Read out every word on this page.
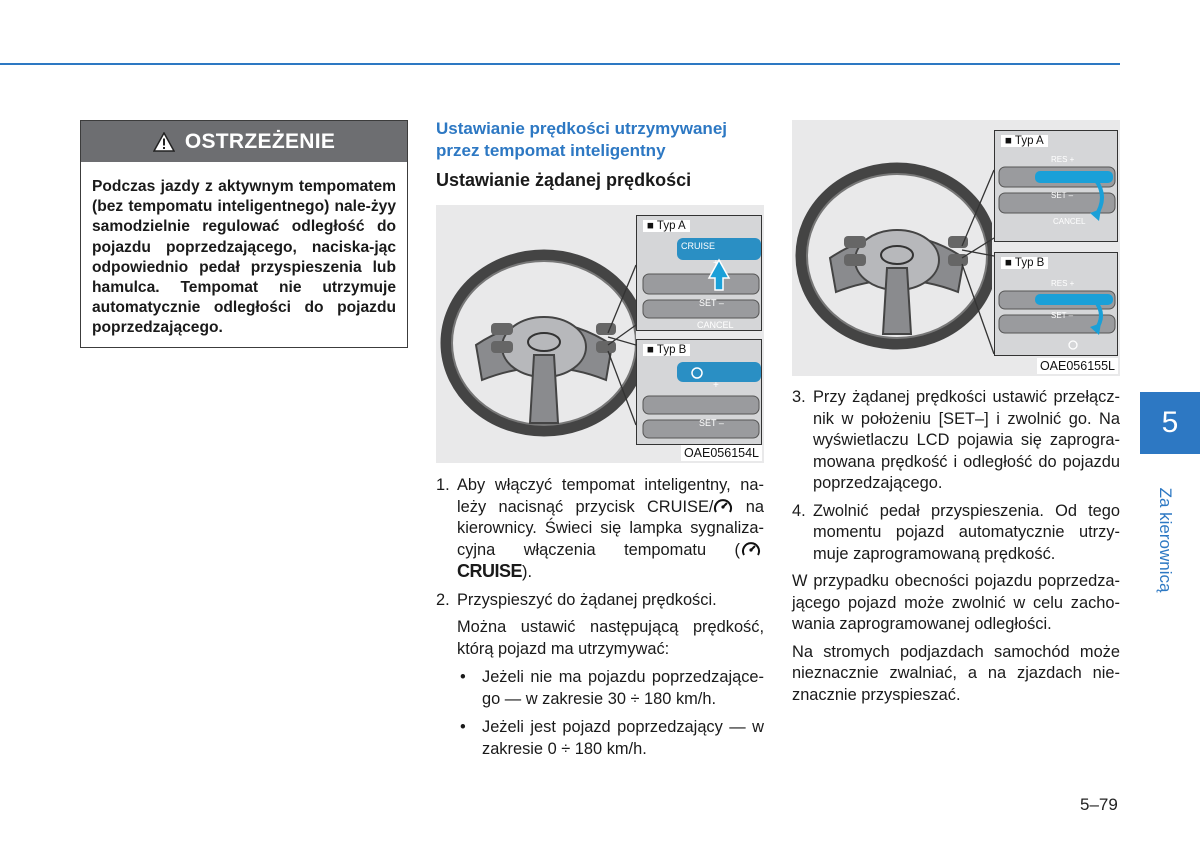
OSTRZEŻENIE
Podczas jazdy z aktywnym tempomatem (bez tempomatu inteligentnego) nale-żyy samodzielnie regulować odległość do pojazdu poprzedzającego, naciska-jąc odpowiednio pedał przyspieszenia lub hamulca. Tempomat nie utrzymuje automatycznie odległości do pojazdu poprzedzającego.
Ustawianie prędkości utrzymywanej przez tempomat inteligentny
Ustawianie żądanej prędkości
■ Typ A
CRUISE
+
SET –
CANCEL
■ Typ B
+
SET –
OAE056154L
■ Typ A
RES +
SET –
CANCEL
■ Typ B
RES +
SET –
OAE056155L
1. Aby włączyć tempomat inteligentny, na-leży nacisnąć przycisk CRUISE/ na kierownicy. Świeci się lampka sygnaliza-cyjna włączenia tempomatu (CRUISE).
2. Przyspieszyć do żądanej prędkości.
Można ustawić następującą prędkość, którą pojazd ma utrzymywać:
• Jeżeli nie ma pojazdu poprzedzające-go — w zakresie 30 ÷ 180 km/h.
• Jeżeli jest pojazd poprzedzający — w zakresie 0 ÷ 180 km/h.
3. Przy żądanej prędkości ustawić przełącz-nik w położeniu [SET–] i zwolnić go. Na wyświetlaczu LCD pojawia się zaprogra-mowana prędkość i odległość do pojazdu poprzedzającego.
4. Zwolnić pedał przyspieszenia. Od tego momentu pojazd automatycznie utrzy-muje zaprogramowaną prędkość.
W przypadku obecności pojazdu poprzedza-jącego pojazd może zwolnić w celu zacho-wania zaprogramowanej odległości.
Na stromych podjazdach samochód może nieznacznie zwalniać, a na zjazdach nie-znacznie przyspieszać.
5
Za kierownicą
5–79
